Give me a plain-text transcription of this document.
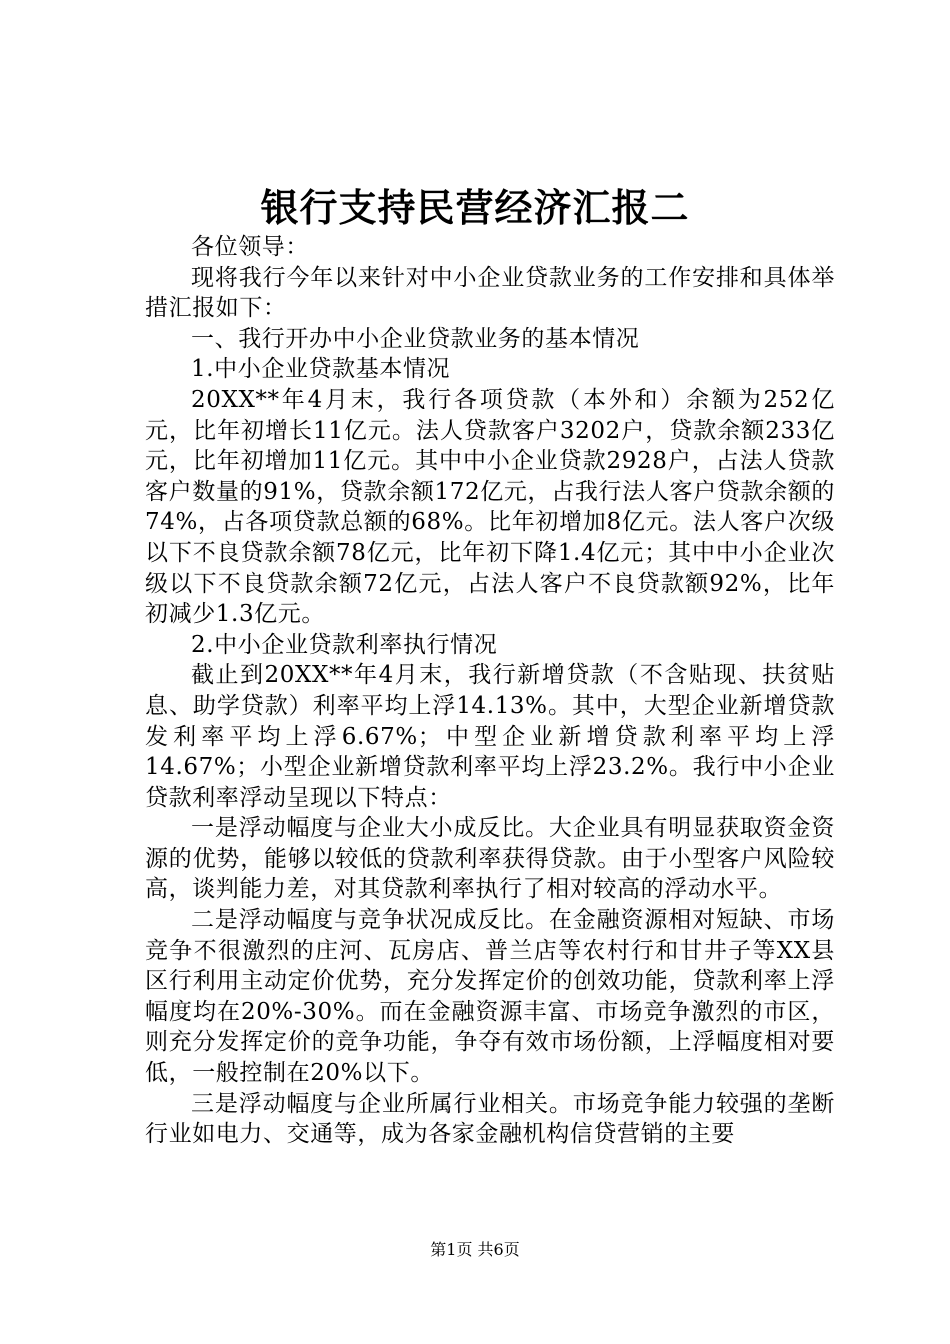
银行支持民营经济汇报二

各位领导：

现将我行今年以来针对中小企业贷款业务的工作安排和具体举措汇报如下：

一、我行开办中小企业贷款业务的基本情况

1.中小企业贷款基本情况

20XX**年4月末，我行各项贷款（本外和）余额为252亿元，比年初增长11亿元。法人贷款客户3202户，贷款余额233亿元，比年初增加11亿元。其中中小企业贷款2928户，占法人贷款客户数量的91%，贷款余额172亿元，占我行法人客户贷款余额的74%，占各项贷款总额的68%。比年初增加8亿元。法人客户次级以下不良贷款余额78亿元，比年初下降1.4亿元；其中中小企业次级以下不良贷款余额72亿元，占法人客户不良贷款额92%，比年初减少1.3亿元。

2.中小企业贷款利率执行情况

截止到20XX**年4月末，我行新增贷款（不含贴现、扶贫贴息、助学贷款）利率平均上浮14.13%。其中，大型企业新增贷款发利率平均上浮6.67%；中型企业新增贷款利率平均上浮14.67%；小型企业新增贷款利率平均上浮23.2%。我行中小企业贷款利率浮动呈现以下特点：

一是浮动幅度与企业大小成反比。大企业具有明显获取资金资源的优势，能够以较低的贷款利率获得贷款。由于小型客户风险较高，谈判能力差，对其贷款利率执行了相对较高的浮动水平。

二是浮动幅度与竞争状况成反比。在金融资源相对短缺、市场竞争不很激烈的庄河、瓦房店、普兰店等农村行和甘井子等XX县区行利用主动定价优势，充分发挥定价的创效功能，贷款利率上浮幅度均在20%-30%。而在金融资源丰富、市场竞争激烈的市区，则充分发挥定价的竞争功能，争夺有效市场份额，上浮幅度相对要低，一般控制在20%以下。

三是浮动幅度与企业所属行业相关。市场竞争能力较强的垄断行业如电力、交通等，成为各家金融机构信贷营销的主要

第1页 共6页
